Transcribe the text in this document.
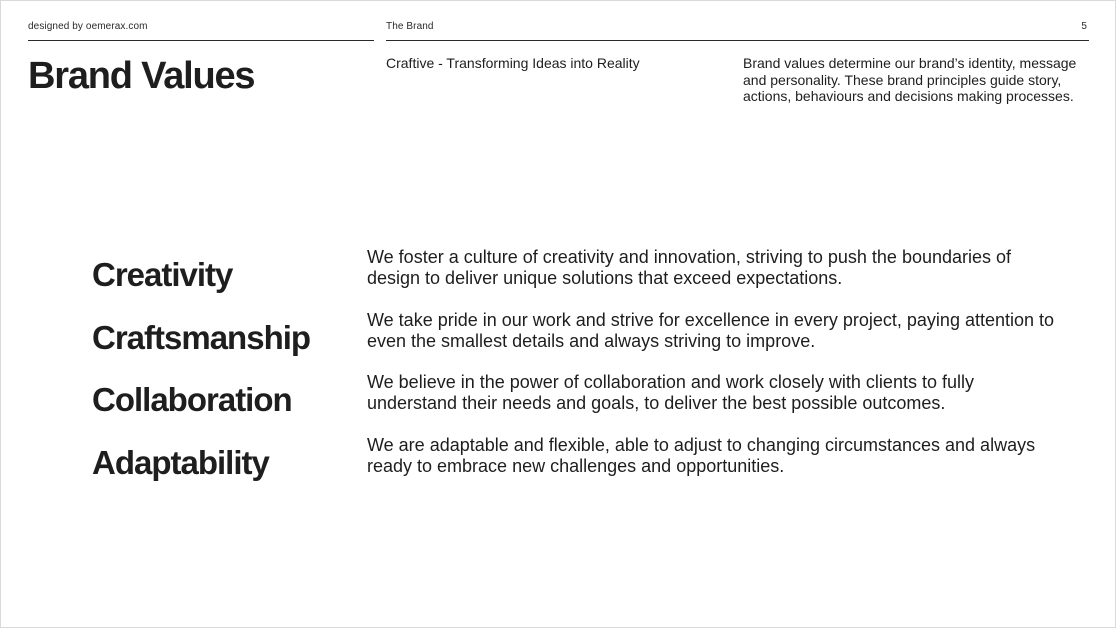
designed by oemerax.com	The Brand	5
Brand Values	Craftive - Transforming Ideas into Reality	Brand values determine our brand’s identity, message and personality. These brand principles guide story, actions, behaviours and decisions making processes.
Creativity	We foster a culture of creativity and innovation, striving to push the boundaries of design to deliver unique solutions that exceed expectations.
Craftsmanship	We take pride in our work and strive for excellence in every project, paying attention to even the smallest details and always striving to improve.
Collaboration	We believe in the power of collaboration and work closely with clients to fully understand their needs and goals, to deliver the best possible outcomes.
Adaptability	We are adaptable and flexible, able to adjust to changing circumstances and always ready to embrace new challenges and opportunities.
